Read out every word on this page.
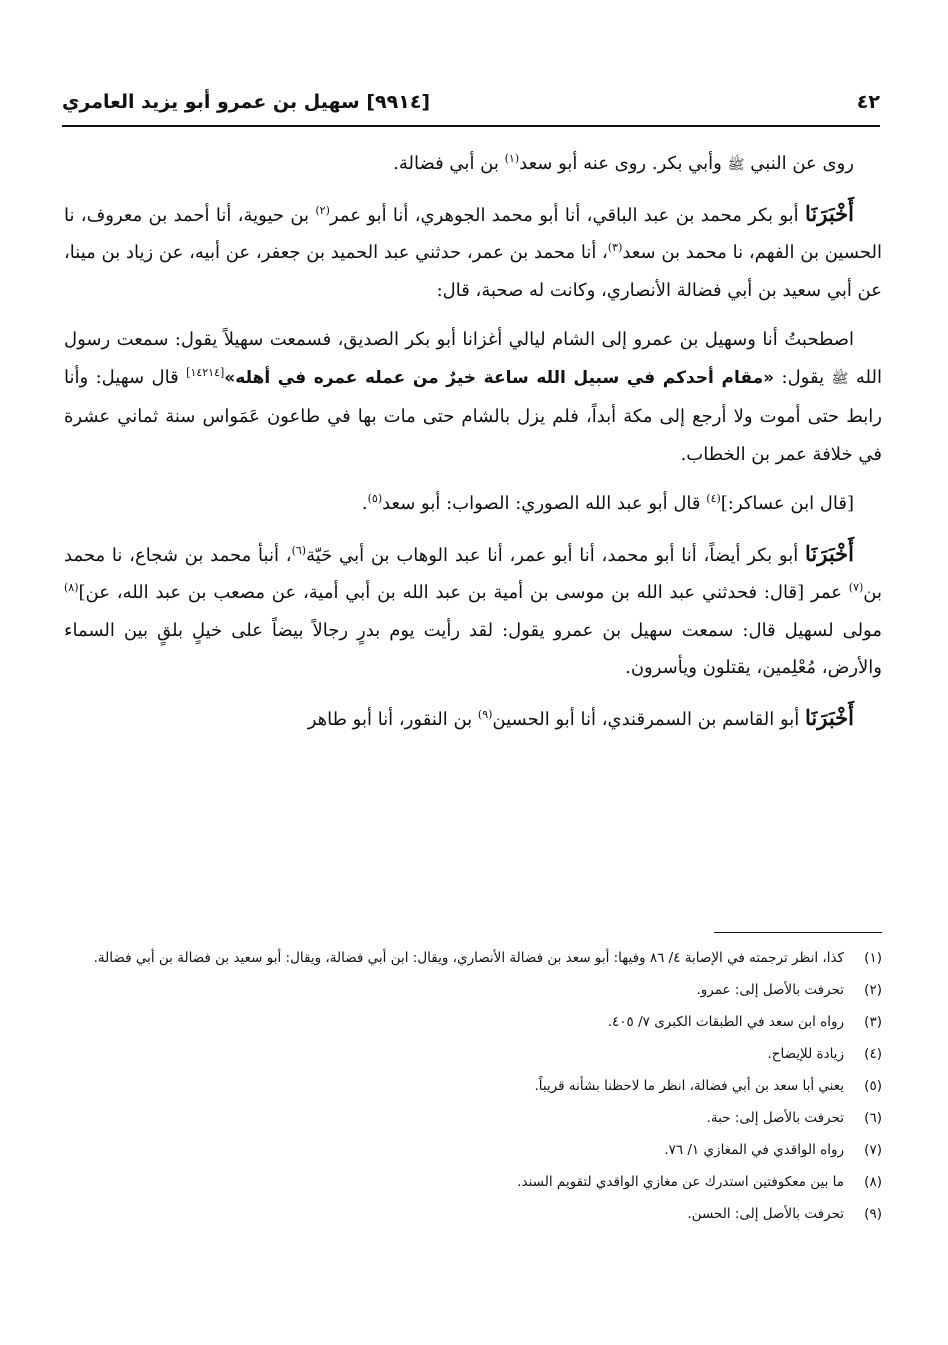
٤٢
[٩٩١٤] سهيل بن عمرو أبو يزيد العامري

روى عن النبي ﷺ وأبي بكر. روى عنه أبو سعد$^{(١)}$ بن أبي فضالة.

أَخْبَرَنَا أبو بكر محمد بن عبد الباقي، أنا أبو محمد الجوهري، أنا أبو عمر$^{(٢)}$ بن حيوية، أنا أحمد بن معروف، نا الحسين بن الفهم، نا محمد بن سعد$^{(٣)}$، أنا محمد بن عمر، حدثني عبد الحميد بن جعفر، عن أبيه، عن زياد بن مينا، عن أبي سعيد بن أبي فضالة الأنصاري، وكانت له صحبة، قال:

اصطحبتُ أنا وسهيل بن عمرو إلى الشام ليالي أغزانا أبو بكر الصديق، فسمعت سهيلاً يقول: سمعت رسول الله ﷺ يقول: «مقام أحدكم في سبيل الله ساعة خيرٌ من عمله عمره في أهله»[١٤٢١٤] قال سهيل: وأنا رابط حتى أموت ولا أرجع إلى مكة أبداً، فلم يزل بالشام حتى مات بها في طاعون عَمَواس سنة ثماني عشرة في خلافة عمر بن الخطاب.

[قال ابن عساكر:]$^{(٤)}$ قال أبو عبد الله الصوري: الصواب: أبو سعد$^{(٥)}$.

أَخْبَرَنَا أبو بكر أيضاً، أنا أبو محمد، أنا أبو عمر، أنا عبد الوهاب بن أبي حَيّة$^{(٦)}$، أنبأ محمد بن شجاع، نا محمد بن$^{(٧)}$ عمر [قال: فحدثني عبد الله بن موسى بن أمية بن عبد الله بن أبي أمية، عن مصعب بن عبد الله، عن]$^{(٨)}$ مولى لسهيل قال: سمعت سهيل بن عمرو يقول: لقد رأيت يوم بدرٍ رجالاً بيضاً على خيلٍ بلقٍ بين السماء والأرض، مُعْلِمين، يقتلون ويأسرون.

أَخْبَرَنَا أبو القاسم بن السمرقندي، أنا أبو الحسين$^{(٩)}$ بن النقور، أنا أبو طاهر

(١)
كذا، انظر ترجمته في الإصابة ٤/ ٨٦ وفيها: أبو سعد بن فضالة الأنصاري، ويقال: ابن أبي فضالة، ويقال: أبو سعيد بن فضالة بن أبي فضالة.
(٢)
تحرفت بالأصل إلى: عمرو.
(٣)
رواه ابن سعد في الطبقات الكبرى ٧/ ٤٠٥.
(٤)
زيادة للإيضاح.
(٥)
يعني أبا سعد بن أبي فضالة، انظر ما لاحظنا بشأنه قريباً.
(٦)
تحرفت بالأصل إلى: حبة.
(٧)
رواه الواقدي في المغازي ١/ ٧٦.
(٨)
ما بين معكوفتين استدرك عن مغازي الواقدي لتقويم السند.
(٩)
تحرفت بالأصل إلى: الحسن.
